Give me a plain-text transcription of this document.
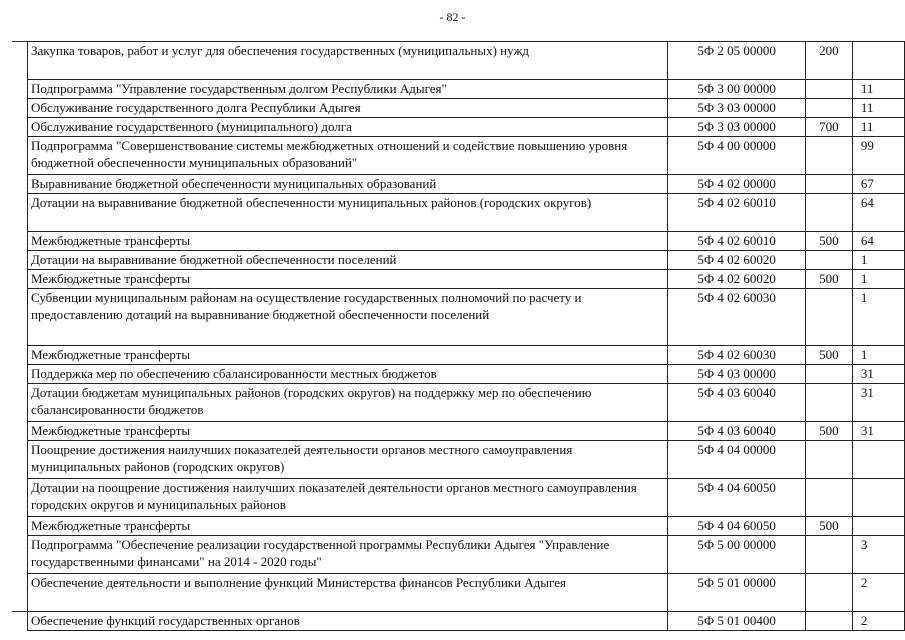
- 82 -
Закупка товаров, работ и услуг для обеспечения государственных (муниципальных) нужд	5Ф 2 05 00000	200	
Подпрограмма "Управление государственным долгом Республики Адыгея"	5Ф 3 00 00000		11
Обслуживание государственного долга Республики Адыгея	5Ф 3 03 00000		11
Обслуживание государственного (муниципального) долга	5Ф 3 03 00000	700	11
Подпрограмма "Совершенствование системы межбюджетных отношений и содействие повышению уровня бюджетной обеспеченности муниципальных образований"	5Ф 4 00 00000		99
Выравнивание бюджетной обеспеченности муниципальных образований	5Ф 4 02 00000		67
Дотации на выравнивание бюджетной обеспеченности муниципальных районов (городских округов)	5Ф 4 02 60010		64
Межбюджетные трансферты	5Ф 4 02 60010	500	64
Дотации на выравнивание бюджетной обеспеченности поселений	5Ф 4 02 60020		1
Межбюджетные трансферты	5Ф 4 02 60020	500	1
Субвенции муниципальным районам на осуществление государственных полномочий по расчету и предоставлению дотаций на выравнивание бюджетной обеспеченности поселений	5Ф 4 02 60030		1
Межбюджетные трансферты	5Ф 4 02 60030	500	1
Поддержка мер по обеспечению сбалансированности местных бюджетов	5Ф 4 03 00000		31
Дотации бюджетам муниципальных районов (городских округов) на поддержку мер по обеспечению сбалансированности бюджетов	5Ф 4 03 60040		31
Межбюджетные трансферты	5Ф 4 03 60040	500	31
Поощрение достижения наилучших показателей деятельности органов местного самоуправления муниципальных районов (городских округов)	5Ф 4 04 00000		
Дотации на поощрение достижения наилучших показателей деятельности органов местного самоуправления городских округов и муниципальных районов	5Ф 4 04 60050		
Межбюджетные трансферты	5Ф 4 04 60050	500	
Подпрограмма "Обеспечение реализации государственной программы Республики Адыгея "Управление государственными финансами" на 2014 - 2020 годы"	5Ф 5 00 00000		3
Обеспечение деятельности и выполнение функций Министерства финансов Республики Адыгея	5Ф 5 01 00000		2
Обеспечение функций государственных органов	5Ф 5 01 00400		2
